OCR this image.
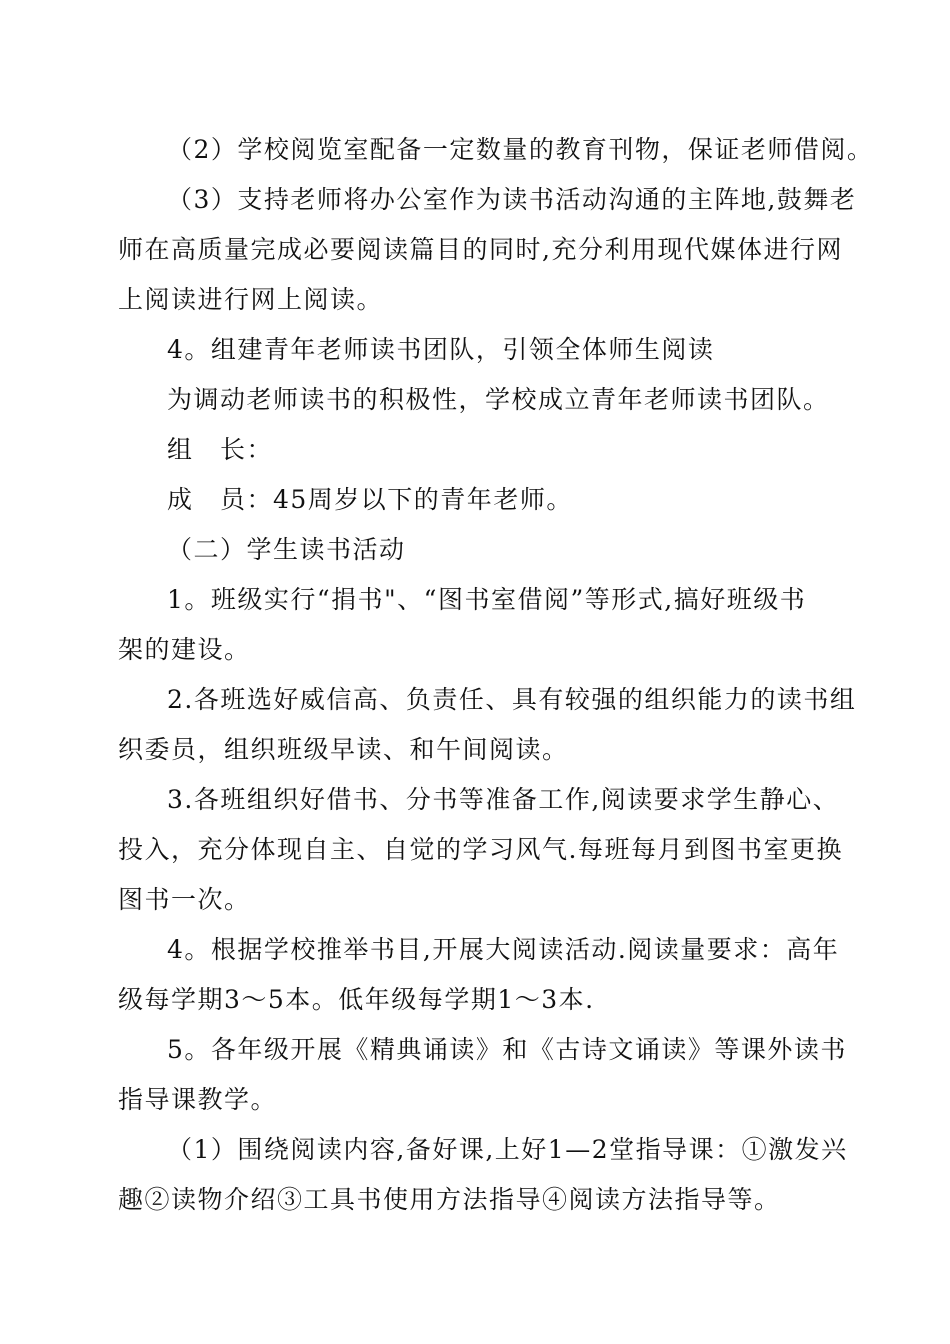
（2）学校阅览室配备一定数量的教育刊物，保证老师借阅。
（3）支持老师将办公室作为读书活动沟通的主阵地,鼓舞老
师在高质量完成必要阅读篇目的同时,充分利用现代媒体进行网
上阅读进行网上阅读。
4。组建青年老师读书团队，引领全体师生阅读
为调动老师读书的积极性，学校成立青年老师读书团队。
组　长：
成　员：45周岁以下的青年老师。
（二）学生读书活动
1。班级实行“捐书"、“图书室借阅”等形式,搞好班级书
架的建设。
2.各班选好威信高、负责任、具有较强的组织能力的读书组
织委员，组织班级早读、和午间阅读。
3.各班组织好借书、分书等准备工作,阅读要求学生静心、
投入，充分体现自主、自觉的学习风气.每班每月到图书室更换
图书一次。
4。根据学校推举书目,开展大阅读活动.阅读量要求：高年
级每学期3～5本。低年级每学期1～3本.
5。各年级开展《精典诵读》和《古诗文诵读》等课外读书
指导课教学。
（1）围绕阅读内容,备好课,上好1—2堂指导课：①激发兴
趣②读物介绍③工具书使用方法指导④阅读方法指导等。
